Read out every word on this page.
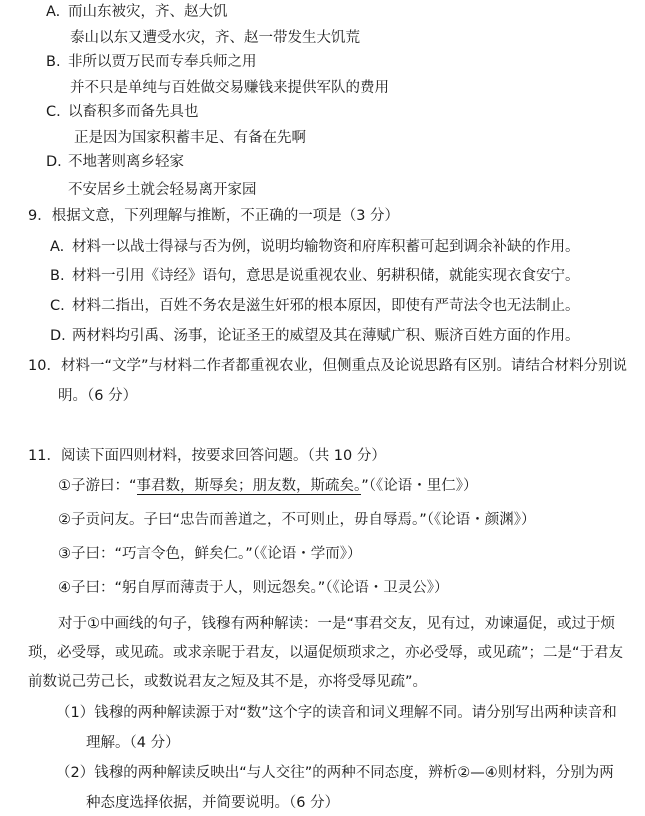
A. 而山东被灾，齐、赵大饥
泰山以东又遭受水灾，齐、赵一带发生大饥荒
B. 非所以贾万民而专奉兵师之用
并不只是单纯与百姓做交易赚钱来提供军队的费用
C. 以畜积多而备先具也
正是因为国家积蓄丰足、有备在先啊
D. 不地著则离乡轻家
不安居乡土就会轻易离开家园
9．根据文意，下列理解与推断，不正确的一项是（3 分）
A. 材料一以战士得禄与否为例，说明均输物资和府库积蓄可起到调余补缺的作用。
B. 材料一引用《诗经》语句，意思是说重视农业、躬耕积储，就能实现衣食安宁。
C. 材料二指出，百姓不务农是滋生奸邪的根本原因，即使有严苛法令也无法制止。
D. 两材料均引禹、汤事，论证圣王的威望及其在薄赋广积、赈济百姓方面的作用。
10．材料一“文学”与材料二作者都重视农业，但侧重点及论说思路有区别。请结合材料分别说
明。（6 分）
11．阅读下面四则材料，按要求回答问题。（共 10 分）
①子游曰：“事君数，斯辱矣；朋友数，斯疏矣。”（《论语・里仁》）
②子贡问友。子曰“忠告而善道之，不可则止，毋自辱焉。”（《论语・颜渊》）
③子曰：“巧言令色，鲜矣仁。”（《论语・学而》）
④子曰：“躬自厚而薄责于人，则远怨矣。”（《论语・卫灵公》）
对于①中画线的句子，钱穆有两种解读：一是“事君交友，见有过，劝谏逼促，或过于烦
琐，必受辱，或见疏。或求亲昵于君友，以逼促烦琐求之，亦必受辱，或见疏”；二是“于君友
前数说己劳己长，或数说君友之短及其不是，亦将受辱见疏”。
（1）钱穆的两种解读源于对“数”这个字的读音和词义理解不同。请分别写出两种读音和
理解。（4 分）
（2）钱穆的两种解读反映出“与人交往”的两种不同态度，辨析②—④则材料，分别为两
种态度选择依据，并简要说明。（6 分）
